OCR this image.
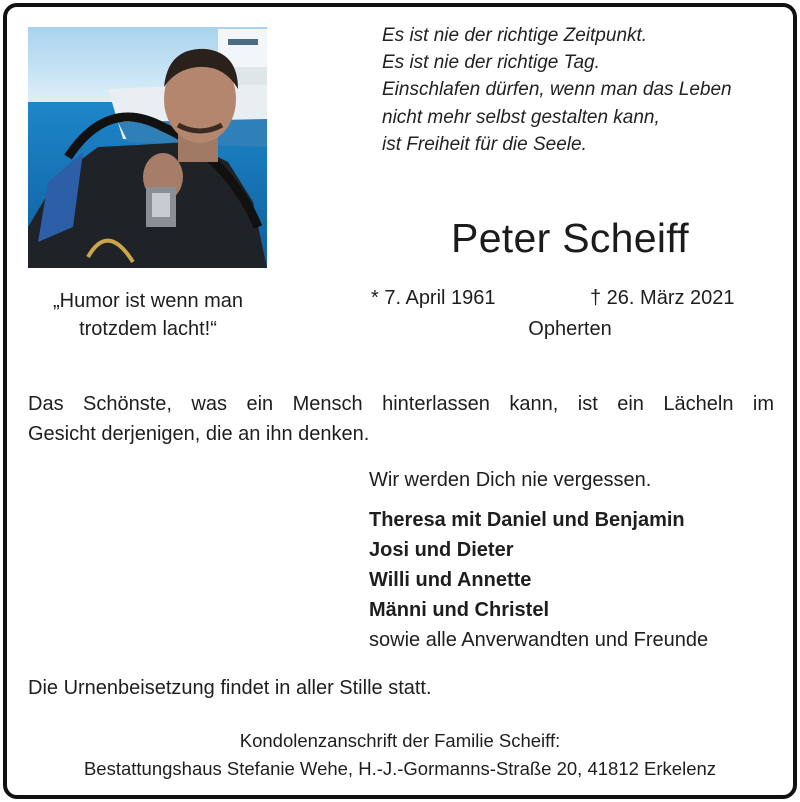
Es ist nie der richtige Zeitpunkt.
Es ist nie der richtige Tag.
Einschlafen dürfen, wenn man das Leben
nicht mehr selbst gestalten kann,
ist Freiheit für die Seele.
Peter Scheiff
„Humor ist wenn man
trotzdem lacht!“
* 7. April 1961	† 26. März 2021
Opherten
Das Schönste, was ein Mensch hinterlassen kann, ist ein Lächeln im
Gesicht derjenigen, die an ihn denken.
Wir werden Dich nie vergessen.
Theresa mit Daniel und Benjamin
Josi und Dieter
Willi und Annette
Männi und Christel
sowie alle Anverwandten und Freunde
Die Urnenbeisetzung findet in aller Stille statt.
Kondolenzanschrift der Familie Scheiff:
Bestattungshaus Stefanie Wehe, H.-J.-Gormanns-Straße 20, 41812 Erkelenz
